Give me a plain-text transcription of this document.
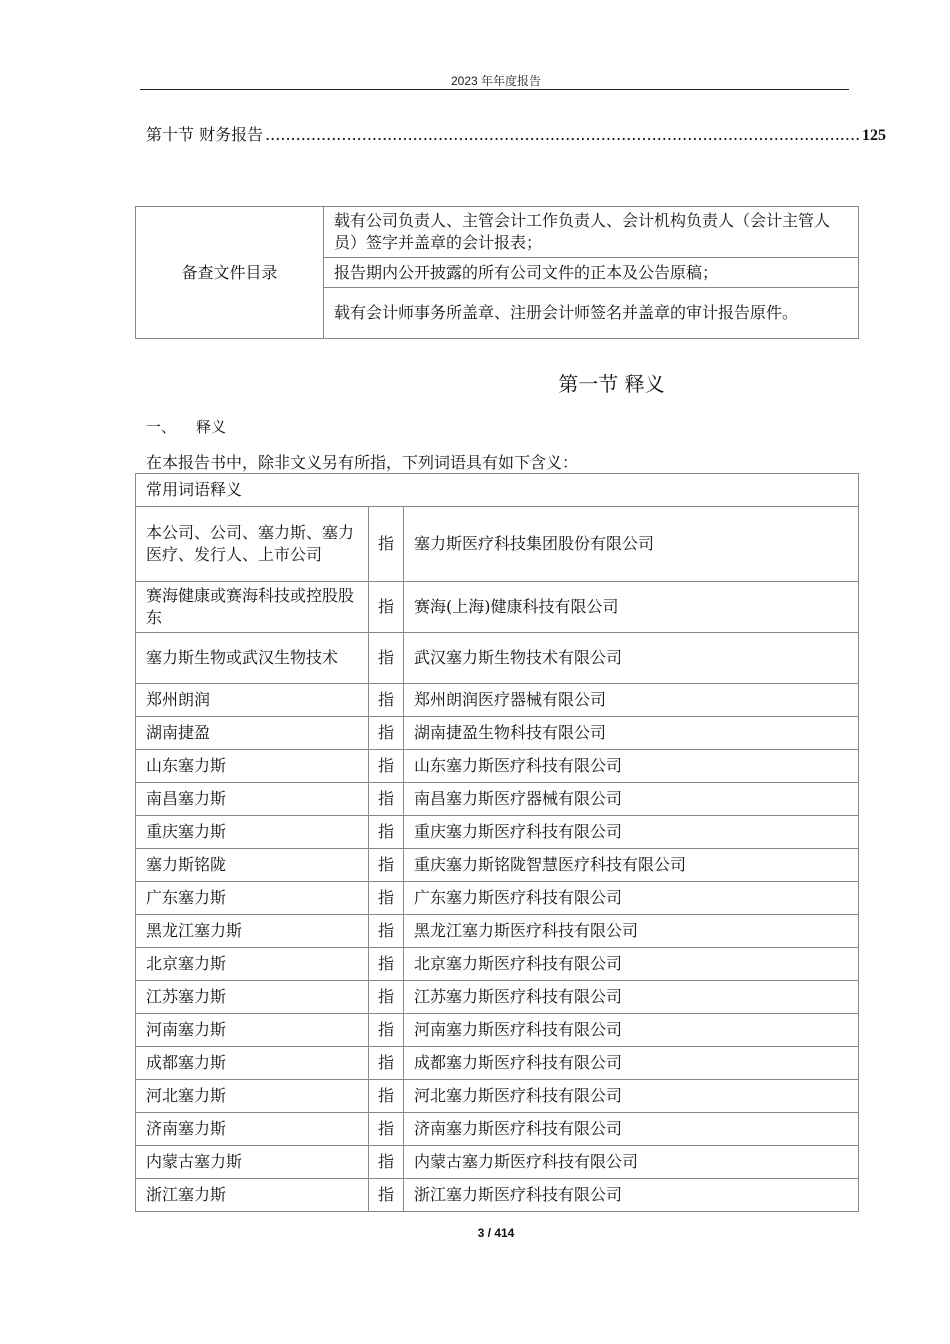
2023 年年度报告
第十节 财务报告 .....	125
备查文件目录	载有公司负责人、主管会计工作负责人、会计机构负责人（会计主管人员）签字并盖章的会计报表；
报告期内公开披露的所有公司文件的正本及公告原稿；
载有会计师事务所盖章、注册会计师签名并盖章的审计报告原件。
第一节 释义
一、 释义
在本报告书中，除非文义另有所指，下列词语具有如下含义：
常用词语释义		
本公司、公司、塞力斯、塞力医疗、发行人、上市公司	指	塞力斯医疗科技集团股份有限公司
赛海健康或赛海科技或控股股东	指	赛海(上海)健康科技有限公司
塞力斯生物或武汉生物技术	指	武汉塞力斯生物技术有限公司
郑州朗润	指	郑州朗润医疗器械有限公司
湖南捷盈	指	湖南捷盈生物科技有限公司
山东塞力斯	指	山东塞力斯医疗科技有限公司
南昌塞力斯	指	南昌塞力斯医疗器械有限公司
重庆塞力斯	指	重庆塞力斯医疗科技有限公司
塞力斯铭陇	指	重庆塞力斯铭陇智慧医疗科技有限公司
广东塞力斯	指	广东塞力斯医疗科技有限公司
黑龙江塞力斯	指	黑龙江塞力斯医疗科技有限公司
北京塞力斯	指	北京塞力斯医疗科技有限公司
江苏塞力斯	指	江苏塞力斯医疗科技有限公司
河南塞力斯	指	河南塞力斯医疗科技有限公司
成都塞力斯	指	成都塞力斯医疗科技有限公司
河北塞力斯	指	河北塞力斯医疗科技有限公司
济南塞力斯	指	济南塞力斯医疗科技有限公司
内蒙古塞力斯	指	内蒙古塞力斯医疗科技有限公司
浙江塞力斯	指	浙江塞力斯医疗科技有限公司
3 / 414
